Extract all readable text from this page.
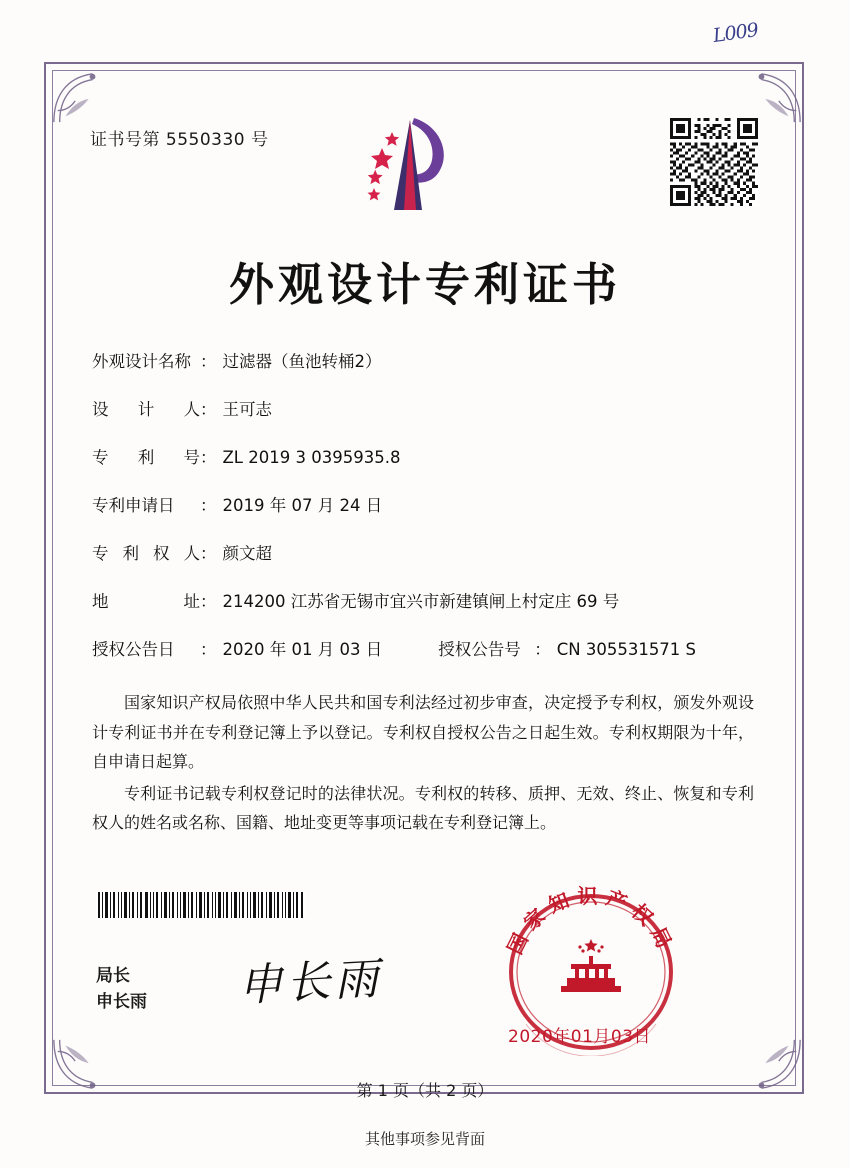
L009
证书号第 5550330 号
外观设计专利证书
外观设计名称 ： 过滤器（鱼池转桶2）
设 计 人 ： 王可志
专 利 号 ： ZL 2019 3 0395935.8
专利申请日	： 2019 年 07 月 24 日
专 利 权 人 ： 颜文超
地 址 ： 214200 江苏省无锡市宜兴市新建镇闸上村定庄 69 号
授权公告日	： 2020 年 01 月 03 日	授权公告号 ： CN 305531571 S

国家知识产权局依照中华人民共和国专利法经过初步审查，决定授予专利权，颁发外观设计专利证书并在专利登记簿上予以登记。专利权自授权公告之日起生效。专利权期限为十年，自申请日起算。

专利证书记载专利权登记时的法律状况。专利权的转移、质押、无效、终止、恢复和专利权人的姓名或名称、国籍、地址变更等事项记载在专利登记簿上。

局长
申长雨 申长雨
国家知识产权局
2020年01月03日
第 1 页（共 2 页）
其他事项参见背面
